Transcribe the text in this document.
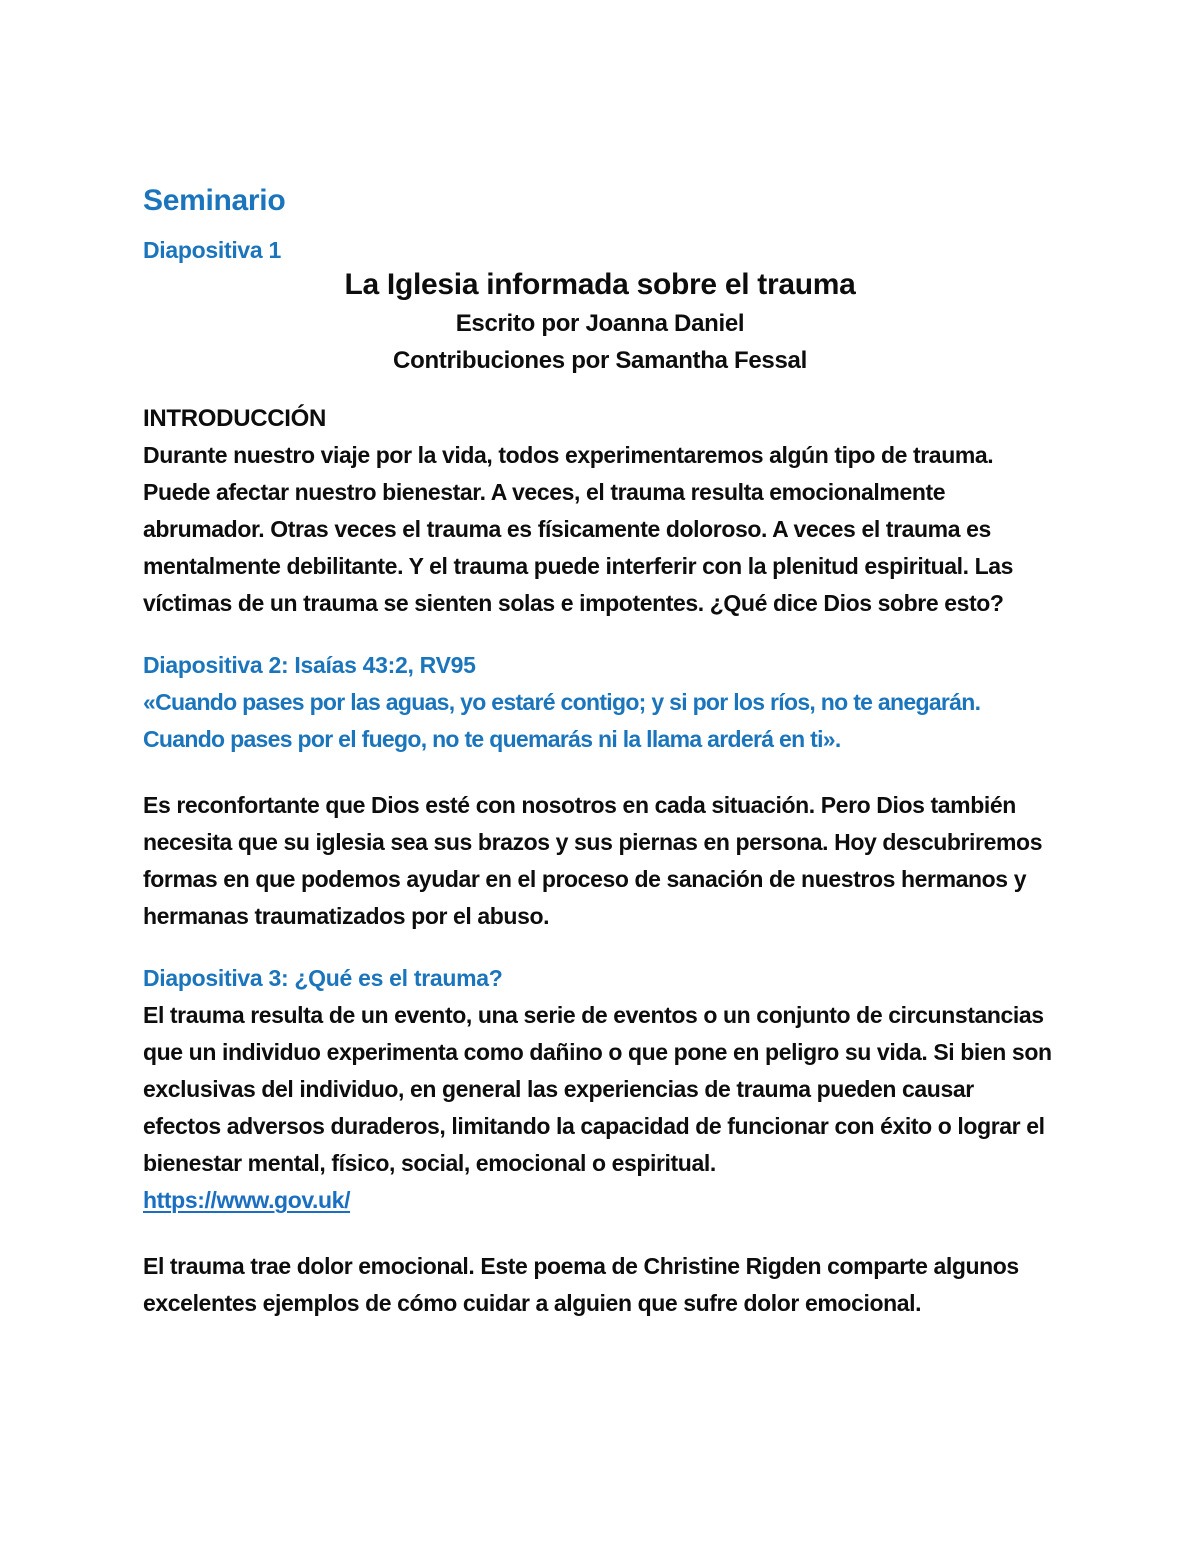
Seminario
Diapositiva 1
La Iglesia informada sobre el trauma
Escrito por Joanna Daniel
Contribuciones por Samantha Fessal
INTRODUCCIÓN

Durante nuestro viaje por la vida, todos experimentaremos algún tipo de trauma. Puede afectar nuestro bienestar. A veces, el trauma resulta emocionalmente abrumador. Otras veces el trauma es físicamente doloroso. A veces el trauma es mentalmente debilitante. Y el trauma puede interferir con la plenitud espiritual. Las víctimas de un trauma se sienten solas e impotentes. ¿Qué dice Dios sobre esto?

Diapositiva 2: Isaías 43:2, RV95
«Cuando pases por las aguas, yo estaré contigo; y si por los ríos, no te anegarán.
Cuando pases por el fuego, no te quemarás ni la llama arderá en ti».

Es reconfortante que Dios esté con nosotros en cada situación. Pero Dios también necesita que su iglesia sea sus brazos y sus piernas en persona. Hoy descubriremos formas en que podemos ayudar en el proceso de sanación de nuestros hermanos y hermanas traumatizados por el abuso.

Diapositiva 3: ¿Qué es el trauma?

El trauma resulta de un evento, una serie de eventos o un conjunto de circunstancias que un individuo experimenta como dañino o que pone en peligro su vida. Si bien son exclusivas del individuo, en general las experiencias de trauma pueden causar efectos adversos duraderos, limitando la capacidad de funcionar con éxito o lograr el bienestar mental, físico, social, emocional o espiritual.

https://www.gov.uk/

El trauma trae dolor emocional. Este poema de Christine Rigden comparte algunos excelentes ejemplos de cómo cuidar a alguien que sufre dolor emocional.
